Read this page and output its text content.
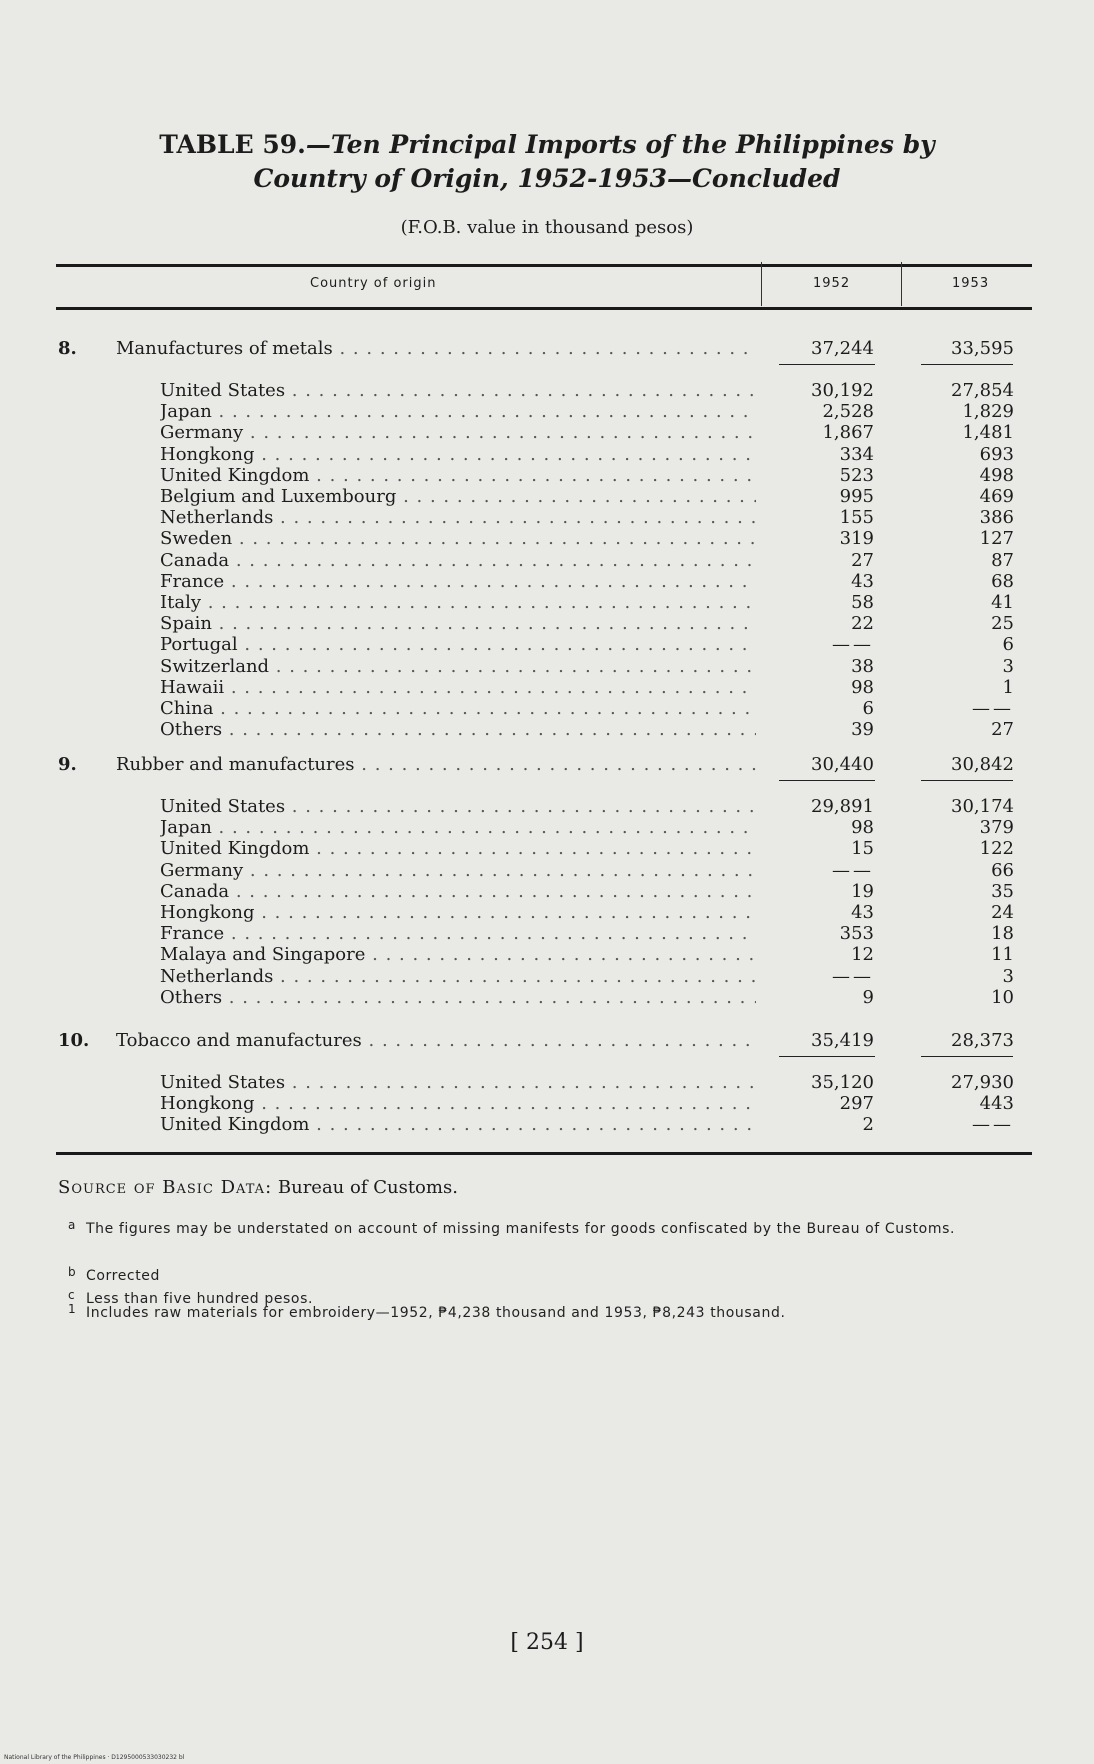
TABLE 59.—Ten Principal Imports of the Philippines by
Country of Origin, 1952-1953—Concluded
(F.O.B. value in thousand pesos)
Country of origin	1952	1953
8. Manufactures of metals . . .	37,244	33,595
United States . . .	30,192	27,854
Japan . . .	2,528	1,829
Germany . . .	1,867	1,481
Hongkong . . .	334	693
United Kingdom . . .	523	498
Belgium and Luxembourg . . .	995	469
Netherlands . . .	155	386
Sweden . . .	319	127
Canada . . .	27	87
France . . .	43	68
Italy . . .	58	41
Spain . . .	22	25
Portugal . . .	——	6
Switzerland . . .	38	3
Hawaii . . .	98	1
China . . .	6	——
Others . . .	39	27
9. Rubber and manufactures . . .	30,440	30,842
United States . . .	29,891	30,174
Japan . . .	98	379
United Kingdom . . .	15	122
Germany . . .	——	66
Canada . . .	19	35
Hongkong . . .	43	24
France . . .	353	18
Malaya and Singapore . . .	12	11
Netherlands . . .	——	3
Others . . .	9	10
10. Tobacco and manufactures . . .	35,419	28,373
United States . . .	35,120	27,930
Hongkong . . .	297	443
United Kingdom . . .	2	——
Source of Basic Data: Bureau of Customs.
a The figures may be understated on account of missing manifests for goods confiscated by the Bureau of Customs.
b Corrected
c Less than five hundred pesos.
1 Includes raw materials for embroidery—1952, ₱4,238 thousand and 1953, ₱8,243 thousand.
[ 254 ]
National Library of the Philippines · D1295000533030232 bl
